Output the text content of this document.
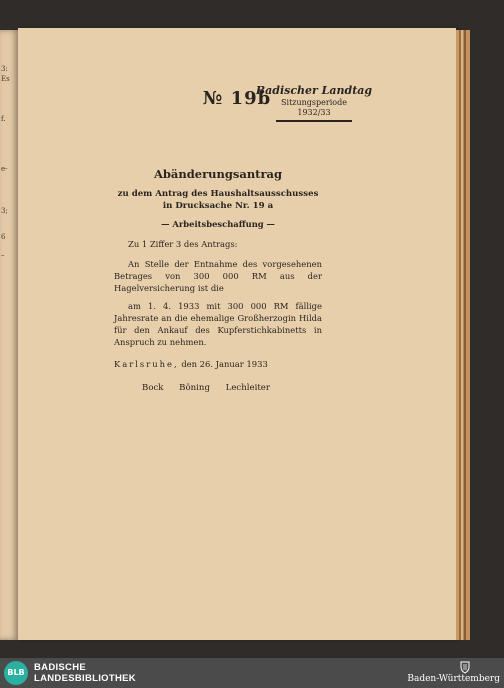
3:
Es
f.
e-
3;
6
–
№ 19b
Badischer Landtag
Sitzungsperiode
1932/33
Abänderungsantrag
zu dem Antrag des Haushaltsausschusses in Drucksache Nr. 19 a
— Arbeitsbeschaffung —

Zu 1 Ziffer 3 des Antrags:

An Stelle der Entnahme des vorgesehenen Betrages von 300 000 RM aus der Hagelversicherung ist die

am 1. 4. 1933 mit 300 000 RM fällige Jahresrate an die ehemalige Großherzogin Hilda für den Ankauf des Kupferstichkabinetts in Anspruch zu nehmen.

Karlsruhe, den 26. Januar 1933

Bock Böning Lechleiter
BLB BADISCHE
LANDESBIBLIOTHEK	Baden-Württemberg
